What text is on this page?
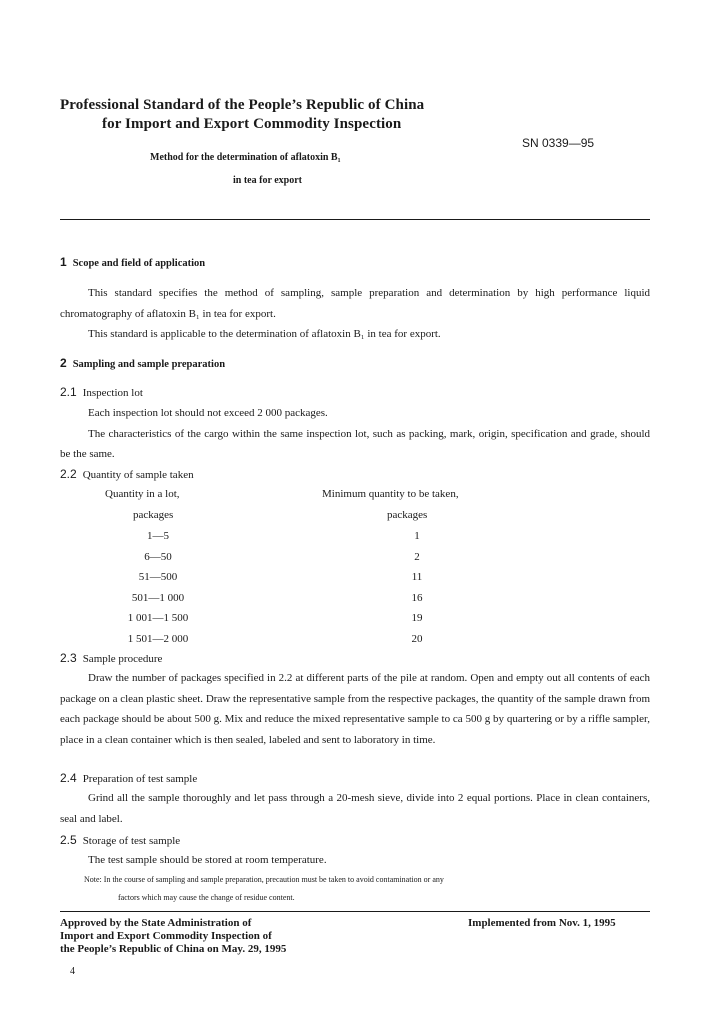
Professional Standard of the People’s Republic of China
for Import and Export Commodity Inspection
SN 0339—95
Method for the determination of aflatoxin B₁
in tea for export
1 Scope and field of application

This standard specifies the method of sampling, sample preparation and determination by high performance liquid chromatography of aflatoxin B₁ in tea for export.

This standard is applicable to the determination of aflatoxin B₁ in tea for export.

2 Sampling and sample preparation
2.1 Inspection lot

Each inspection lot should not exceed 2 000 packages.

The characteristics of the cargo within the same inspection lot, such as packing, mark, origin, specification and grade, should be the same.

2.2 Quantity of sample taken
Quantity in a lot,
packages
Minimum quantity to be taken,
packages
1—5	1
6—50	2
51—500	11
501—1 000	16
1 001—1 500	19
1 501—2 000	20
2.3 Sample procedure

Draw the number of packages specified in 2.2 at different parts of the pile at random. Open and empty out all contents of each package on a clean plastic sheet. Draw the representative sample from the respective packages, the quantity of the sample drawn from each package should be about 500 g. Mix and reduce the mixed representative sample to ca 500 g by quartering or by a riffle sampler, place in a clean container which is then sealed, labeled and sent to laboratory in time.

2.4 Preparation of test sample

Grind all the sample thoroughly and let pass through a 20-mesh sieve, divide into 2 equal portions. Place in clean containers, seal and label.

2.5 Storage of test sample

The test sample should be stored at room temperature.

Note: In the course of sampling and sample preparation, precaution must be taken to avoid contamination or any
factors which may cause the change of residue content.
Approved by the State Administration of
Import and Export Commodity Inspection of
the People’s Republic of China on May. 29, 1995
Implemented from Nov. 1, 1995
4
